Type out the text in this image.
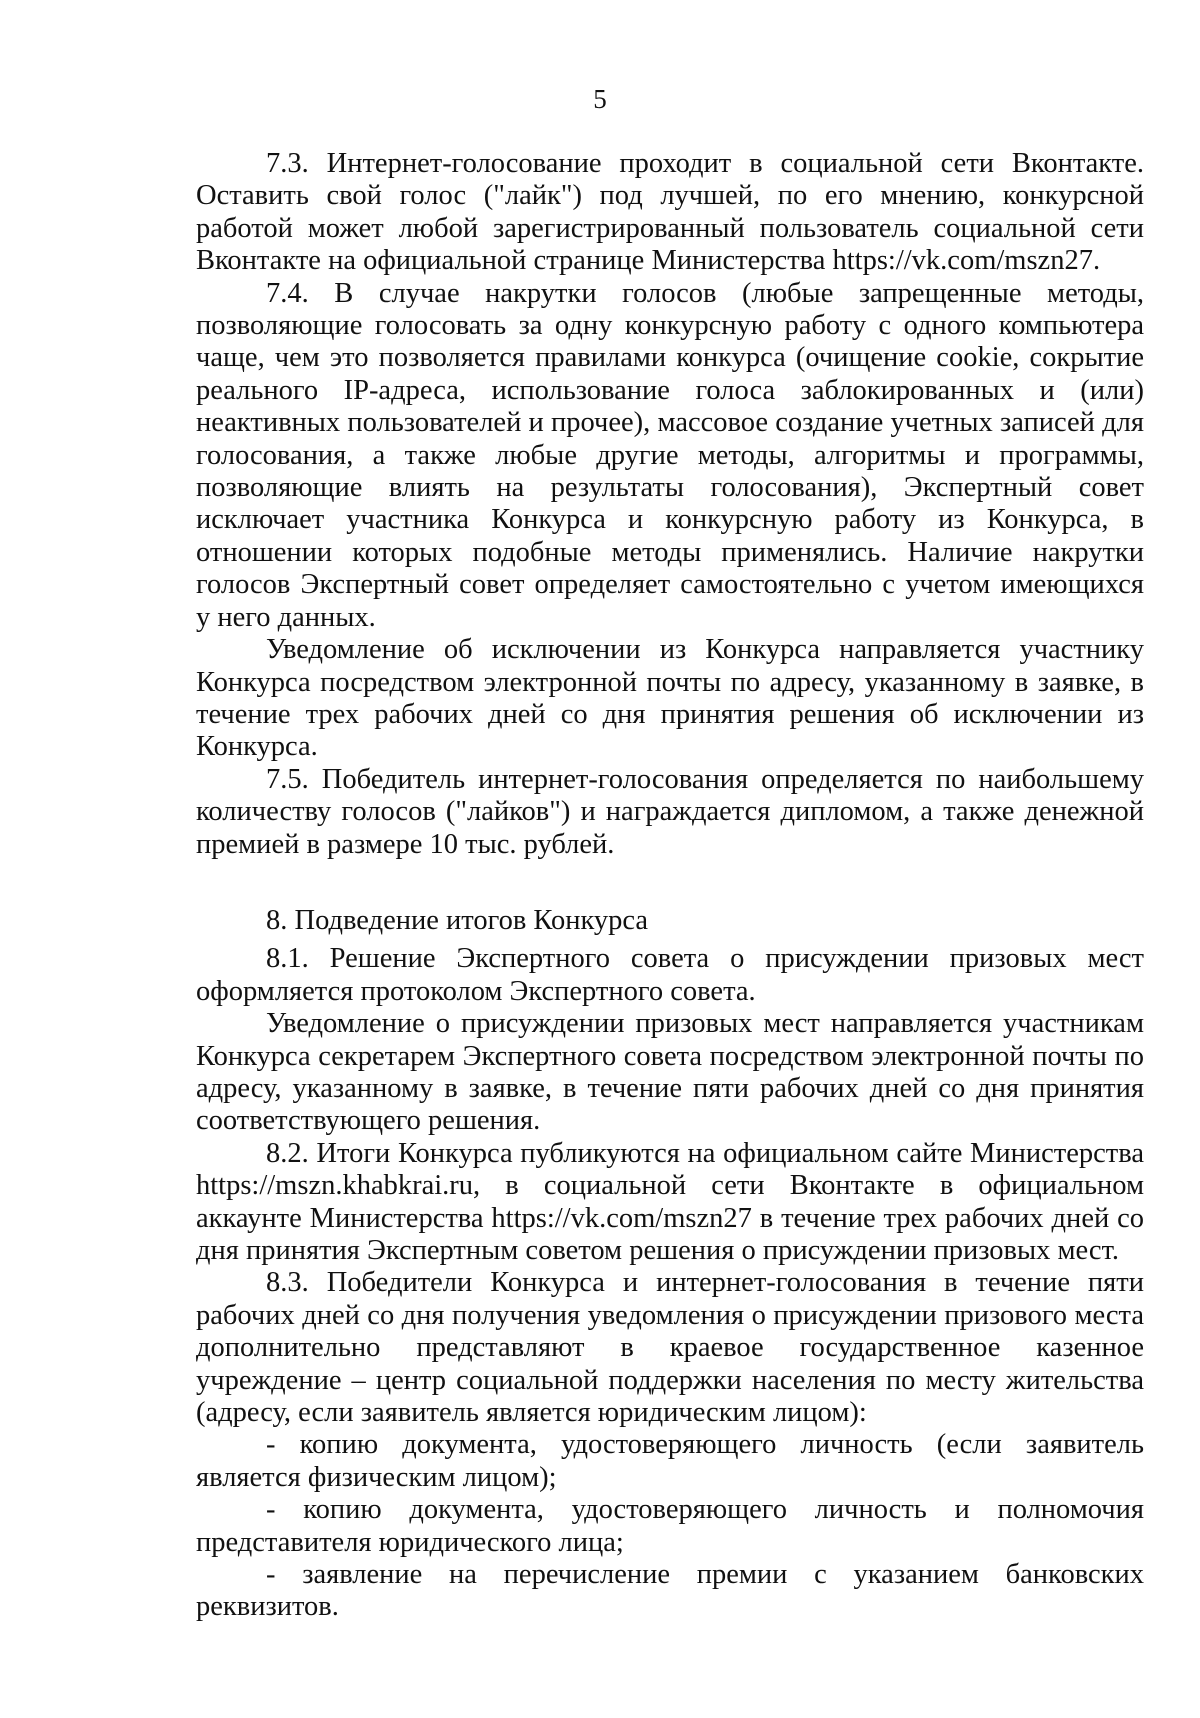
5

7.3. Интернет-голосование проходит в социальной сети Вконтакте. Оставить свой голос ("лайк") под лучшей, по его мнению, конкурсной работой может любой зарегистрированный пользователь социальной сети Вконтакте на официальной странице Министерства https://vk.com/mszn27.

7.4. В случае накрутки голосов (любые запрещенные методы, позволяющие голосовать за одну конкурсную работу с одного компьютера чаще, чем это позволяется правилами конкурса (очищение cookie, сокрытие реального IP-адреса, использование голоса заблокированных и (или) неактивных пользователей и прочее), массовое создание учетных записей для голосования, а также любые другие методы, алгоритмы и программы, позволяющие влиять на результаты голосования), Экспертный совет исключает участника Конкурса и конкурсную работу из Конкурса, в отношении которых подобные методы применялись. Наличие накрутки голосов Экспертный совет определяет самостоятельно с учетом имеющихся у него данных.

Уведомление об исключении из Конкурса направляется участнику Конкурса посредством электронной почты по адресу, указанному в заявке, в течение трех рабочих дней со дня принятия решения об исключении из Конкурса.

7.5. Победитель интернет-голосования определяется по наибольшему количеству голосов ("лайков") и награждается дипломом, а также денежной премией в размере 10 тыс. рублей.

8. Подведение итогов Конкурса

8.1. Решение Экспертного совета о присуждении призовых мест оформляется протоколом Экспертного совета.

Уведомление о присуждении призовых мест направляется участникам Конкурса секретарем Экспертного совета посредством электронной почты по адресу, указанному в заявке, в течение пяти рабочих дней со дня принятия соответствующего решения.

8.2. Итоги Конкурса публикуются на официальном сайте Министерства https://mszn.khabkrai.ru, в социальной сети Вконтакте в официальном аккаунте Министерства https://vk.com/mszn27 в течение трех рабочих дней со дня принятия Экспертным советом решения о присуждении призовых мест.

8.3. Победители Конкурса и интернет-голосования в течение пяти рабочих дней со дня получения уведомления о присуждении призового места дополнительно представляют в краевое государственное казенное учреждение – центр социальной поддержки населения по месту жительства (адресу, если заявитель является юридическим лицом):

- копию документа, удостоверяющего личность (если заявитель является физическим лицом);

- копию документа, удостоверяющего личность и полномочия представителя юридического лица;

- заявление на перечисление премии с указанием банковских реквизитов.
